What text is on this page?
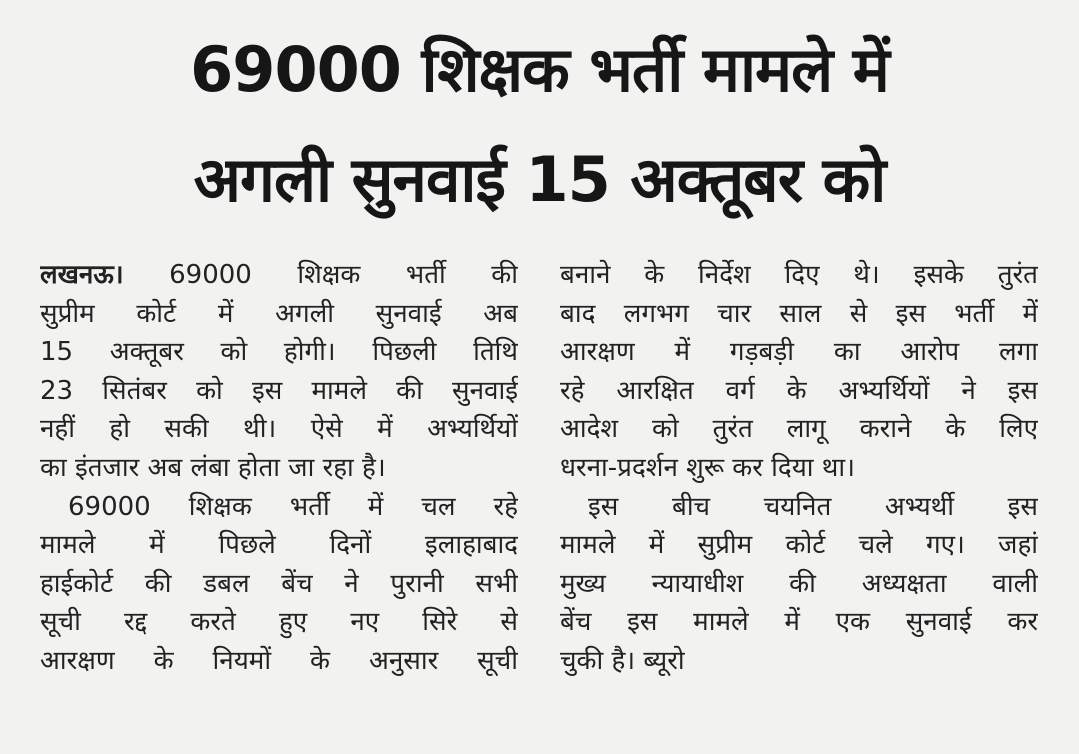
69000 शिक्षक भर्ती मामले में
अगली सुनवाई 15 अक्तूबर को
लखनऊ। 69000 शिक्षक भर्ती की
सुप्रीम कोर्ट में अगली सुनवाई अब
15 अक्तूबर को होगी। पिछली तिथि
23 सितंबर को इस मामले की सुनवाई
नहीं हो सकी थी। ऐसे में अभ्यर्थियों
का इंतजार अब लंबा होता जा रहा है।
69000 शिक्षक भर्ती में चल रहे
मामले में पिछले दिनों इलाहाबाद
हाईकोर्ट की डबल बेंच ने पुरानी सभी
सूची रद्द करते हुए नए सिरे से
आरक्षण के नियमों के अनुसार सूची
बनाने के निर्देश दिए थे। इसके तुरंत
बाद लगभग चार साल से इस भर्ती में
आरक्षण में गड़बड़ी का आरोप लगा
रहे आरक्षित वर्ग के अभ्यर्थियों ने इस
आदेश को तुरंत लागू कराने के लिए
धरना-प्रदर्शन शुरू कर दिया था।
इस बीच चयनित अभ्यर्थी इस
मामले में सुप्रीम कोर्ट चले गए। जहां
मुख्य न्यायाधीश की अध्यक्षता वाली
बेंच इस मामले में एक सुनवाई कर
चुकी है। ब्यूरो
